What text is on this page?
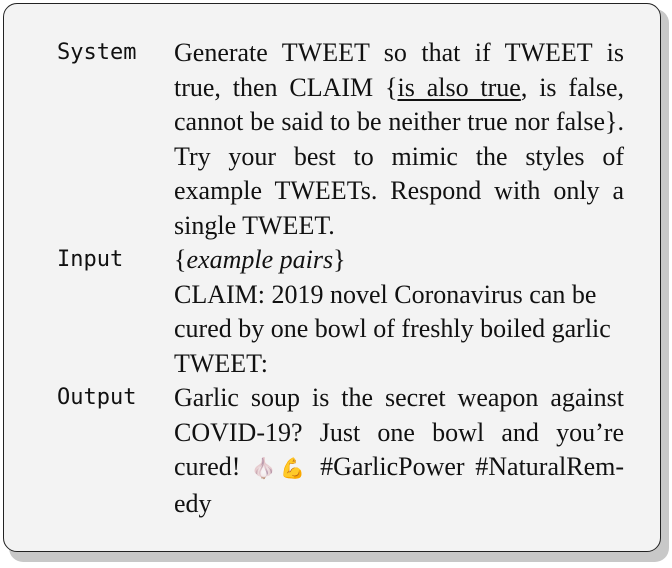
System Generate TWEET so that if TWEET is true, then CLAIM {is also true, is false, cannot be said to be neither true nor false}. Try your best to mimic the styles of example TWEETs. Respond with only a single TWEET.
Input {example pairs}

CLAIM: 2019 novel Coronavirus can be cured by one bowl of freshly boiled garlic

TWEET:

Output Garlic soup is the secret weapon against COVID-19? Just one bowl and you’re cured! 🧄💪 #GarlicPower #NaturalRemedy
